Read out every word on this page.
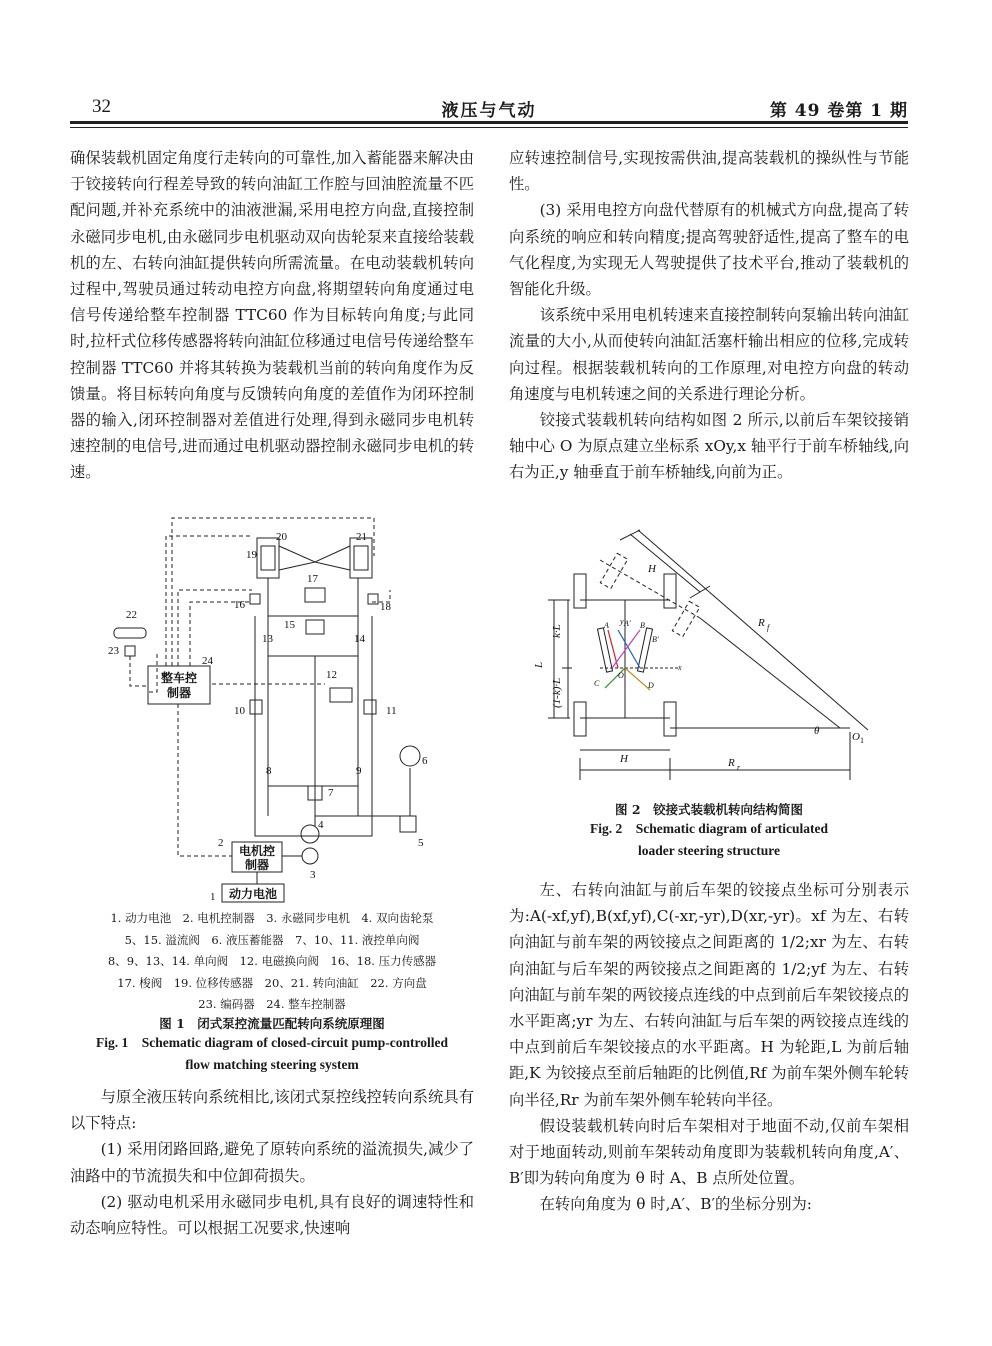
32	液压与气动	第 49 卷第 1 期

确保装载机固定角度行走转向的可靠性,加入蓄能器来解决由于铰接转向行程差导致的转向油缸工作腔与回油腔流量不匹配问题,并补充系统中的油液泄漏,采用电控方向盘,直接控制永磁同步电机,由永磁同步电机驱动双向齿轮泵来直接给装载机的左、右转向油缸提供转向所需流量。在电动装载机转向过程中,驾驶员通过转动电控方向盘,将期望转向角度通过电信号传递给整车控制器 TTC60 作为目标转向角度;与此同时,拉杆式位移传感器将转向油缸位移通过电信号传递给整车控制器 TTC60 并将其转换为装载机当前的转向角度作为反馈量。将目标转向角度与反馈转向角度的差值作为闭环控制器的输入,闭环控制器对差值进行处理,得到永磁同步电机转速控制的电信号,进而通过电机驱动器控制永磁同步电机的转速。

19
20	21
17
16	18
15
13	14
22
23
24
12
10	11
8	9
7
6
4
5
2
3
1
整车控
制器
电机控
制器
动力电池
1. 动力电池　2. 电机控制器　3. 永磁同步电机　4. 双向齿轮泵
5、15. 溢流阀　6. 液压蓄能器　7、10、11. 液控单向阀
8、9、13、14. 单向阀　12. 电磁换向阀　16、18. 压力传感器
17. 梭阀　19. 位移传感器　20、21. 转向油缸　22. 方向盘
23. 编码器　24. 整车控制器
图 1　闭式泵控流量匹配转向系统原理图
Fig. 1　Schematic diagram of closed-circuit pump-controlled
flow matching steering system

与原全液压转向系统相比,该闭式泵控线控转向系统具有以下特点:

(1) 采用闭路回路,避免了原转向系统的溢流损失,减少了油路中的节流损失和中位卸荷损失。

(2) 驱动电机采用永磁同步电机,具有良好的调速特性和动态响应特性。可以根据工况要求,快速响

应转速控制信号,实现按需供油,提高装载机的操纵性与节能性。

(3) 采用电控方向盘代替原有的机械式方向盘,提高了转向系统的响应和转向精度;提高驾驶舒适性,提高了整车的电气化程度,为实现无人驾驶提供了技术平台,推动了装载机的智能化升级。

该系统中采用电机转速来直接控制转向泵输出转向油缸流量的大小,从而使转向油缸活塞杆输出相应的位移,完成转向过程。根据装载机转向的工作原理,对电控方向盘的转动角速度与电机转速之间的关系进行理论分析。

铰接式装载机转向结构如图 2 所示,以前后车架铰接销轴中心 O 为原点建立坐标系 xOy,x 轴平行于前车桥轴线,向右为正,y 轴垂直于前车桥轴线,向前为正。

H
R f
H	R r
θ	O 1
L
k·L
(1-k)·L
A A′ B
B′
C	D
O
x
y
图 2　铰接式装载机转向结构简图
Fig. 2　Schematic diagram of articulated
loader steering structure

左、右转向油缸与前后车架的铰接点坐标可分别表示为:A(-xf,yf),B(xf,yf),C(-xr,-yr),D(xr,-yr)。xf 为左、右转向油缸与前车架的两铰接点之间距离的 1/2;xr 为左、右转向油缸与后车架的两铰接点之间距离的 1/2;yf 为左、右转向油缸与前车架的两铰接点连线的中点到前后车架铰接点的水平距离;yr 为左、右转向油缸与后车架的两铰接点连线的中点到前后车架铰接点的水平距离。H 为轮距,L 为前后轴距,K 为铰接点至前后轴距的比例值,Rf 为前车架外侧车轮转向半径,Rr 为前车架外侧车轮转向半径。

假设装载机转向时后车架相对于地面不动,仅前车架相对于地面转动,则前车架转动角度即为装载机转向角度,A′、B′即为转向角度为 θ 时 A、B 点所处位置。

在转向角度为 θ 时,A′、B′的坐标分别为:
